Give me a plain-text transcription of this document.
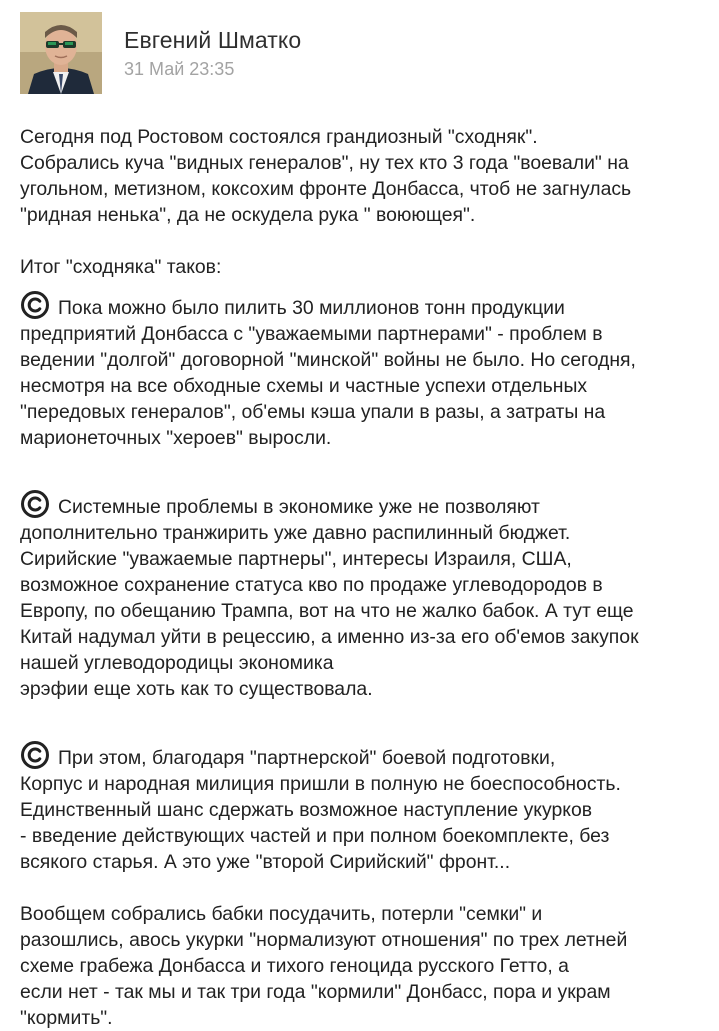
Евгений Шматко
31 Май 23:35
Сегодня под Ростовом состоялся грандиозный "сходняк".
Собрались куча "видных генералов", ну тех кто 3 года "воевали" на
угольном, метизном, коксохим фронте Донбасса, чтоб не загнулась
"ридная ненька", да не оскудела рука " воюющея".
Итог "сходняка" таков:
Пока можно было пилить 30 миллионов тонн продукции
предприятий Донбасса с "уважаемыми партнерами" - проблем в
ведении "долгой" договорной "минской" войны не было. Но сегодня,
несмотря на все обходные схемы и частные успехи отдельных
"передовых генералов", об'емы кэша упали в разы, а затраты на
марионеточных "хероев" выросли.
Системные проблемы в экономике уже не позволяют
дополнительно транжирить уже давно распилинный бюджет.
Сирийские "уважаемые партнеры", интересы Израиля, США,
возможное сохранение статуса кво по продаже углеводородов в
Европу, по обещанию Трампа, вот на что не жалко бабок. А тут еще
Китай надумал уйти в рецессию, а именно из-за его об'емов закупок
нашей углеводородицы экономика
эрэфии еще хоть как то существовала.
При этом, благодаря "партнерской" боевой подготовки,
Корпус и народная милиция пришли в полную не боеспособность.
Единственный шанс сдержать возможное наступление укурков
- введение действующих частей и при полном боекомплекте, без
всякого старья. А это уже "второй Сирийский" фронт...
Вообщем собрались бабки посудачить, потерли "семки" и
разошлись, авось укурки "нормализуют отношения" по трех летней
схеме грабежа Донбасса и тихого геноцида русского Гетто, а
если нет - так мы и так три года "кормили" Донбасс, пора и украм
"кормить".
